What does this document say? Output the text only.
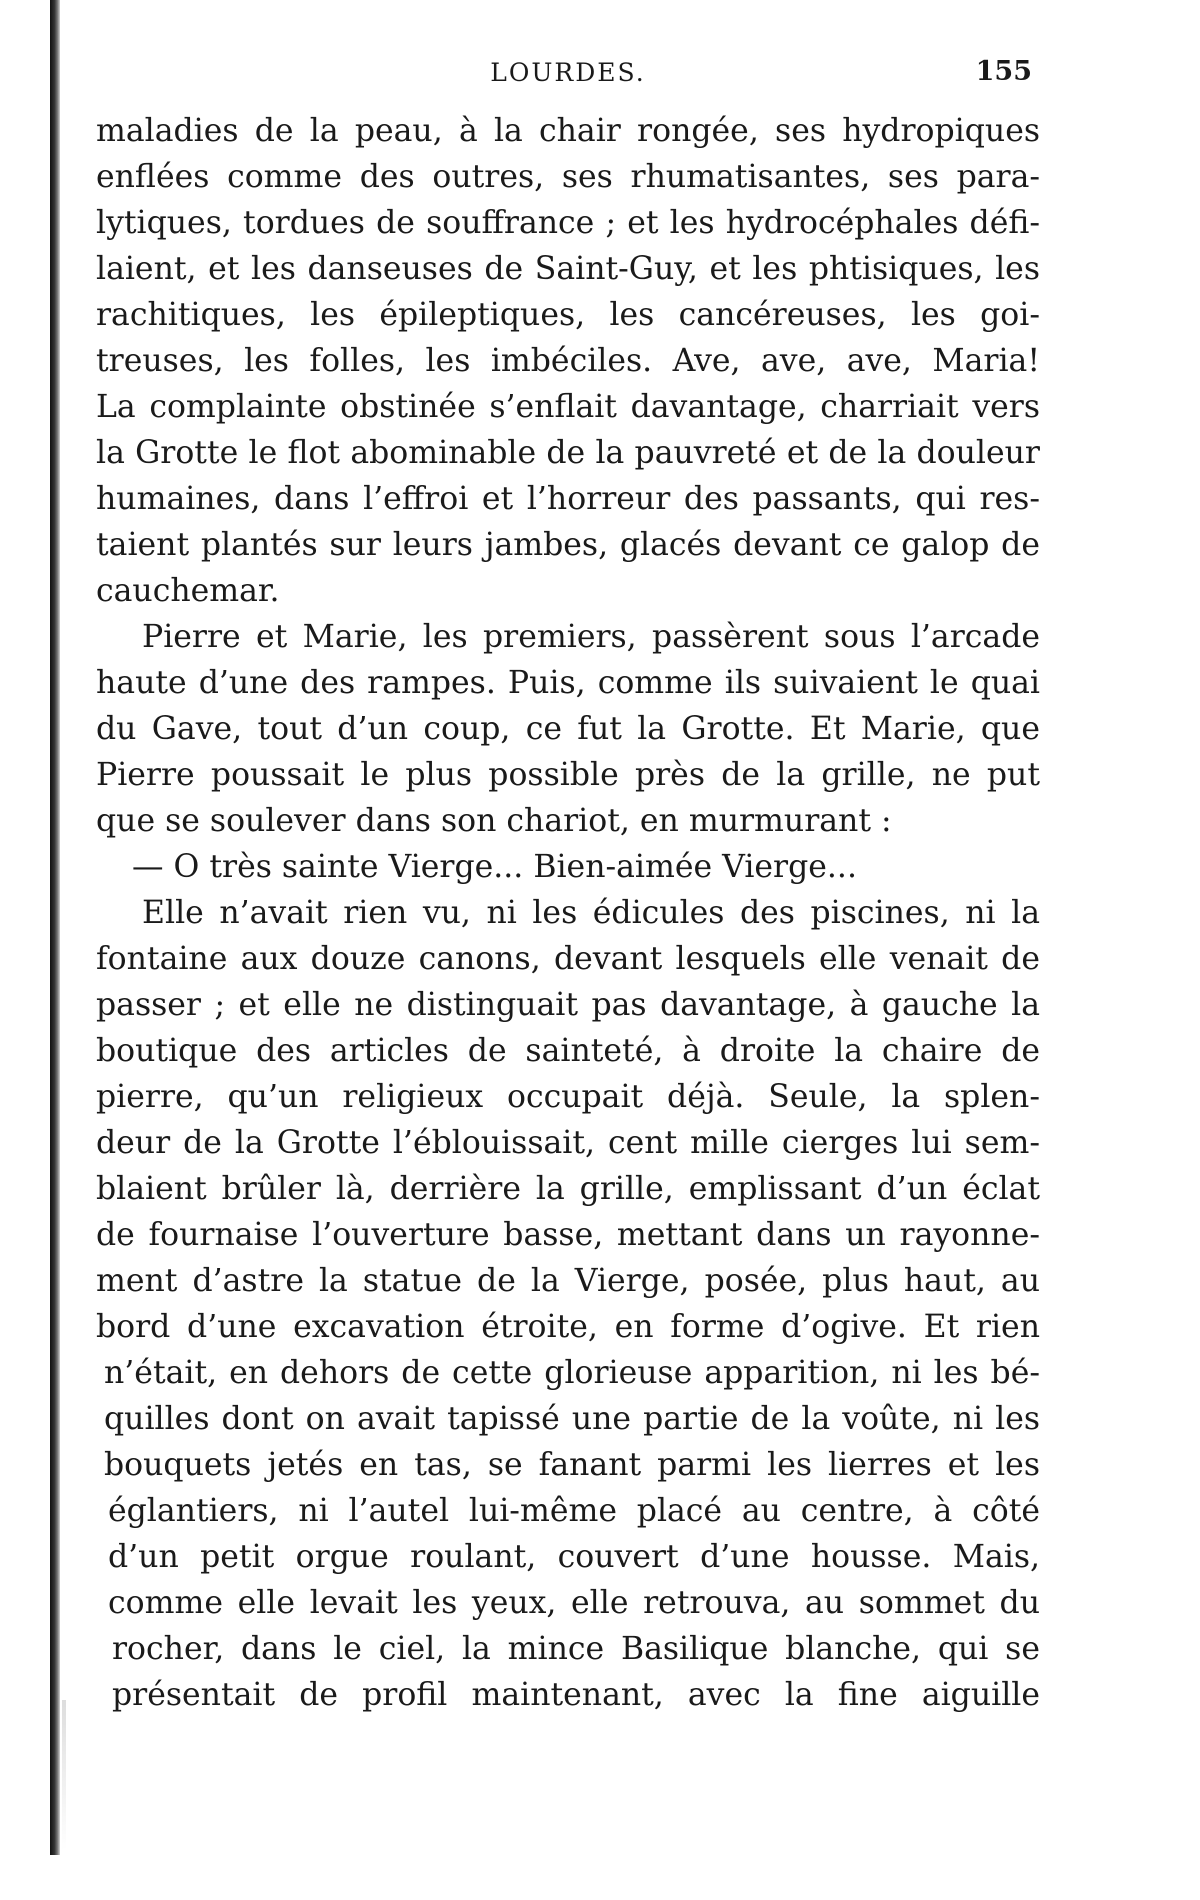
LOURDES.	155
maladies de la peau, à la chair rongée, ses hydropiques
enflées comme des outres, ses rhumatisantes, ses para-
lytiques, tordues de souffrance ; et les hydrocéphales défi-
laient, et les danseuses de Saint-Guy, et les phtisiques, les
rachitiques, les épileptiques, les cancéreuses, les goi-
treuses, les folles, les imbéciles. Ave, ave, ave, Maria!
La complainte obstinée s’enflait davantage, charriait vers
la Grotte le flot abominable de la pauvreté et de la douleur
humaines, dans l’effroi et l’horreur des passants, qui res-
taient plantés sur leurs jambes, glacés devant ce galop de
cauchemar.
Pierre et Marie, les premiers, passèrent sous l’arcade
haute d’une des rampes. Puis, comme ils suivaient le quai
du Gave, tout d’un coup, ce fut la Grotte. Et Marie, que
Pierre poussait le plus possible près de la grille, ne put
que se soulever dans son chariot, en murmurant :
— O très sainte Vierge... Bien-aimée Vierge...
Elle n’avait rien vu, ni les édicules des piscines, ni la
fontaine aux douze canons, devant lesquels elle venait de
passer ; et elle ne distinguait pas davantage, à gauche la
boutique des articles de sainteté, à droite la chaire de
pierre, qu’un religieux occupait déjà. Seule, la splen-
deur de la Grotte l’éblouissait, cent mille cierges lui sem-
blaient brûler là, derrière la grille, emplissant d’un éclat
de fournaise l’ouverture basse, mettant dans un rayonne-
ment d’astre la statue de la Vierge, posée, plus haut, au
bord d’une excavation étroite, en forme d’ogive. Et rien
n’était, en dehors de cette glorieuse apparition, ni les bé-
quilles dont on avait tapissé une partie de la voûte, ni les
bouquets jetés en tas, se fanant parmi les lierres et les
églantiers, ni l’autel lui-même placé au centre, à côté
d’un petit orgue roulant, couvert d’une housse. Mais,
comme elle levait les yeux, elle retrouva, au sommet du
rocher, dans le ciel, la mince Basilique blanche, qui se
présentait de profil maintenant, avec la fine aiguille
